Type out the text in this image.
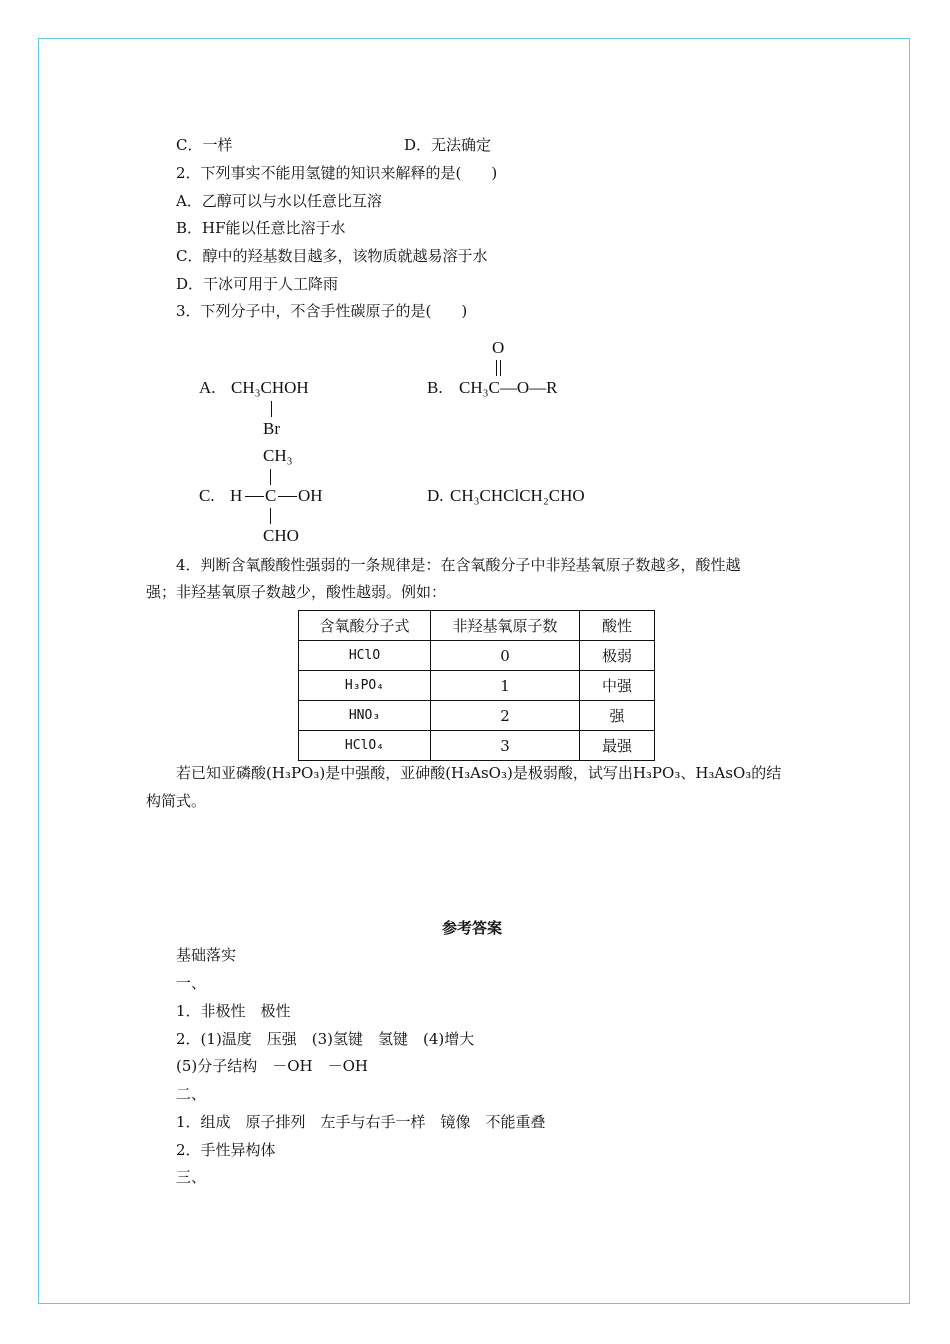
C．一样	D．无法确定
2．下列事实不能用氢键的知识来解释的是(　　)
A．乙醇可以与水以任意比互溶
B．HF能以任意比溶于水
C．醇中的羟基数目越多，该物质就越易溶于水
D．干冰可用于人工降雨
3．下列分子中，不含手性碳原子的是(　　)
A. CH₃CHOH
Br
B.
O
CH₃C—O—R
CH₃
C. H C OH
CHO
D. CH₃CHClCH₂CHO
4．判断含氧酸酸性强弱的一条规律是：在含氧酸分子中非羟基氧原子数越多，酸性越
强；非羟基氧原子数越少，酸性越弱。例如：
含氧酸分子式	非羟基氧原子数	酸性
HClO	0	极弱
H₃PO₄	1	中强
HNO₃	2	强
HClO₄	3	最强
若已知亚磷酸(H₃PO₃)是中强酸，亚砷酸(H₃AsO₃)是极弱酸，试写出H₃PO₃、H₃AsO₃的结
构简式。
参考答案
基础落实
一、
1．非极性　极性
2．(1)温度　压强　(3)氢键　氢键　(4)增大
(5)分子结构　－OH　－OH
二、
1．组成　原子排列　左手与右手一样　镜像　不能重叠
2．手性异构体
三、
